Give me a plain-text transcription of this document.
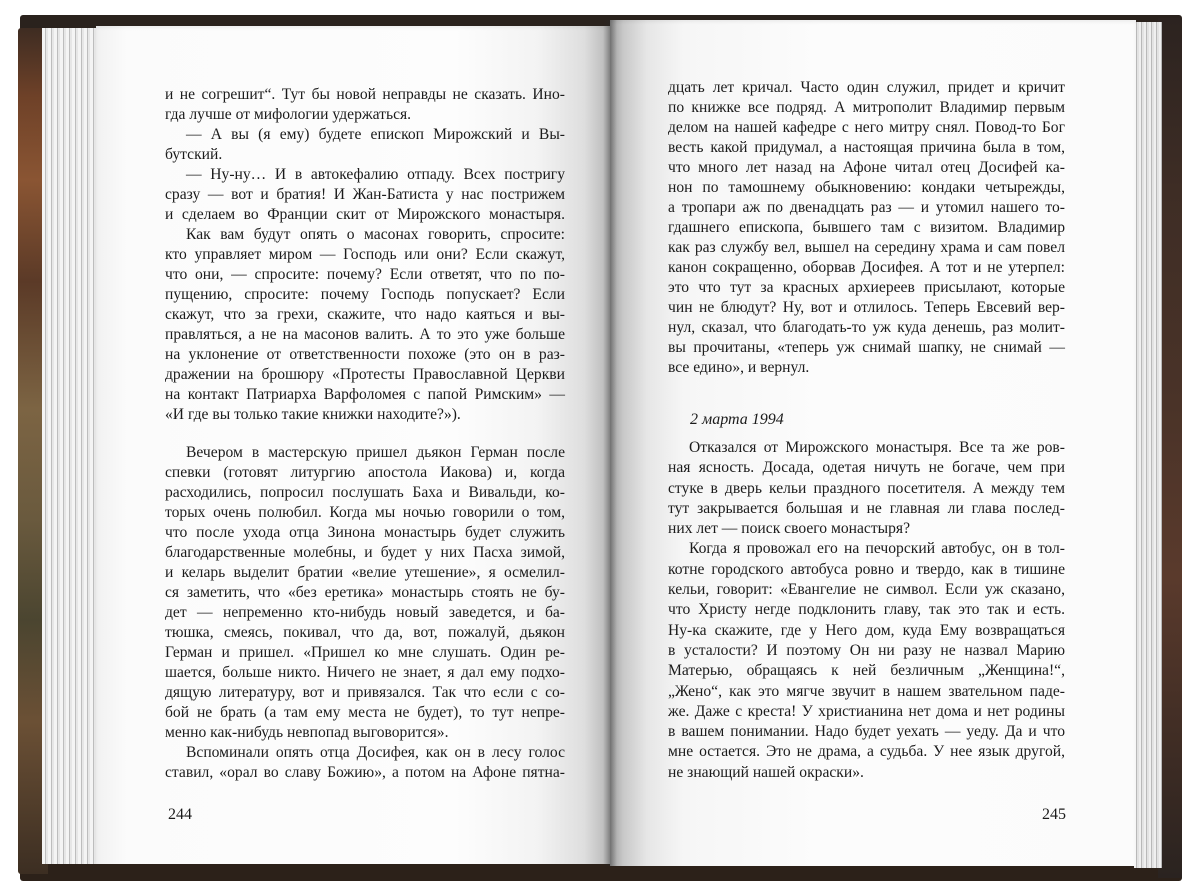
и не согрешит“. Тут бы новой неправды не сказать. Ино-
гда лучше от мифологии удержаться.
— А вы (я ему) будете епископ Мирожский и Вы-
бутский.
— Ну-ну… И в автокефалию отпаду. Всех постригу
сразу — вот и братия! И Жан-Батиста у нас пострижем
и сделаем во Франции скит от Мирожского монастыря.
Как вам будут опять о масонах говорить, спросите:
кто управляет миром — Господь или они? Если скажут,
что они, — спросите: почему? Если ответят, что по по-
пущению, спросите: почему Господь попускает? Если
скажут, что за грехи, скажите, что надо каяться и вы-
правляться, а не на масонов валить. А то это уже больше
на уклонение от ответственности похоже (это он в раз-
дражении на брошюру «Протесты Православной Церкви
на контакт Патриарха Варфоломея с папой Римским» —
«И где вы только такие книжки находите?»).
Вечером в мастерскую пришел дьякон Герман после
спевки (готовят литургию апостола Иакова) и, когда
расходились, попросил послушать Баха и Вивальди, ко-
торых очень полюбил. Когда мы ночью говорили о том,
что после ухода отца Зинона монастырь будет служить
благодарственные молебны, и будет у них Пасха зимой,
и келарь выделит братии «велие утешение», я осмелил-
ся заметить, что «без еретика» монастырь стоять не бу-
дет — непременно кто-нибудь новый заведется, и ба-
тюшка, смеясь, покивал, что да, вот, пожалуй, дьякон
Герман и пришел. «Пришел ко мне слушать. Один ре-
шается, больше никто. Ничего не знает, я дал ему подхо-
дящую литературу, вот и привязался. Так что если с со-
бой не брать (а там ему места не будет), то тут непре-
менно как-нибудь невпопад выговорится».
Вспоминали опять отца Досифея, как он в лесу голос
ставил, «орал во славу Божию», а потом на Афоне пятна-
244
дцать лет кричал. Часто один служил, придет и кричит
по книжке все подряд. А митрополит Владимир первым
делом на нашей кафедре с него митру снял. Повод-то Бог
весть какой придумал, а настоящая причина была в том,
что много лет назад на Афоне читал отец Досифей ка-
нон по тамошнему обыкновению: кондаки четырежды,
а тропари аж по двенадцать раз — и утомил нашего то-
гдашнего епископа, бывшего там с визитом. Владимир
как раз службу вел, вышел на середину храма и сам повел
канон сокращенно, оборвав Досифея. А тот и не утерпел:
это что тут за красных архиереев присылают, которые
чин не блюдут? Ну, вот и отлилось. Теперь Евсевий вер-
нул, сказал, что благодать-то уж куда денешь, раз молит-
вы прочитаны, «теперь уж снимай шапку, не снимай —
все едино», и вернул.
2 марта 1994
Отказался от Мирожского монастыря. Все та же ров-
ная ясность. Досада, одетая ничуть не богаче, чем при
стуке в дверь кельи праздного посетителя. А между тем
тут закрывается большая и не главная ли глава послед-
них лет — поиск своего монастыря?
Когда я провожал его на печорский автобус, он в тол-
котне городского автобуса ровно и твердо, как в тишине
кельи, говорит: «Евангелие не символ. Если уж сказано,
что Христу негде подклонить главу, так это так и есть.
Ну-ка скажите, где у Него дом, куда Ему возвращаться
в усталости? И поэтому Он ни разу не назвал Марию
Матерью, обращаясь к ней безличным „Женщина!“,
„Жено“, как это мягче звучит в нашем звательном паде-
же. Даже с креста! У христианина нет дома и нет родины
в вашем понимании. Надо будет уехать — уеду. Да и что
мне остается. Это не драма, а судьба. У нее язык другой,
не знающий нашей окраски».
245
